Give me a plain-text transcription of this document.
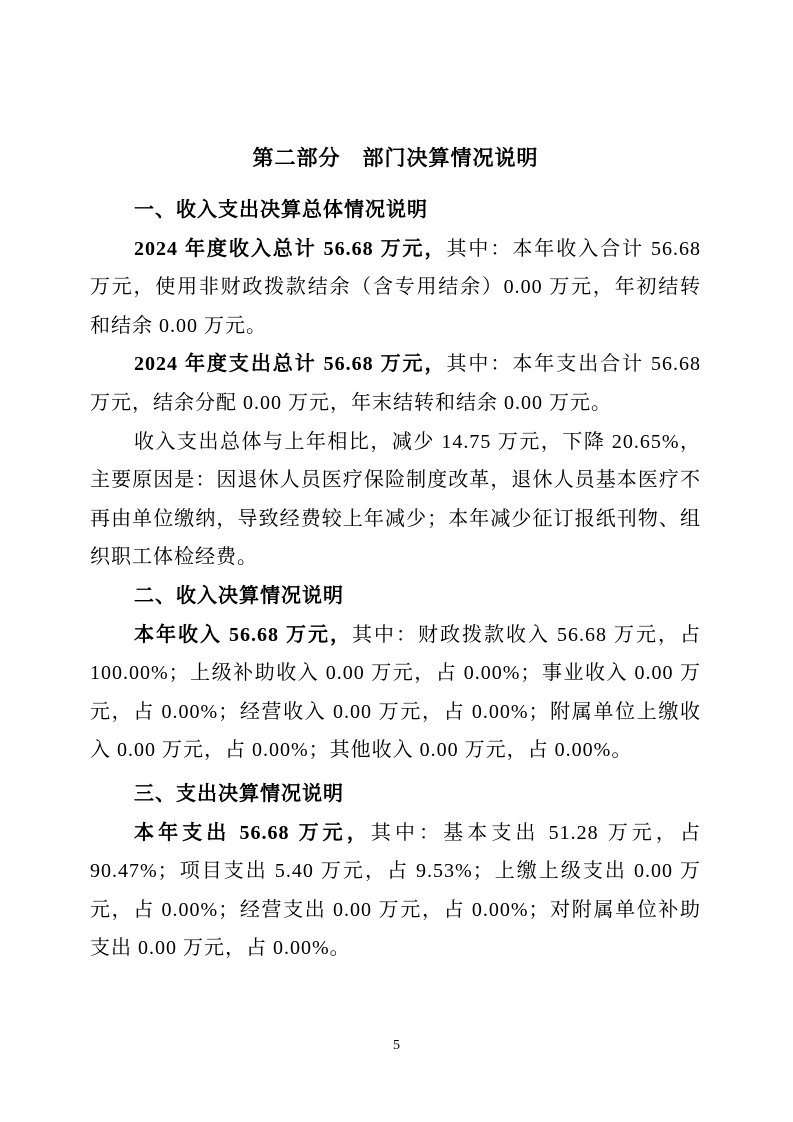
第二部分　部门决算情况说明
一、收入支出决算总体情况说明

2024 年度收入总计 56.68 万元，其中：本年收入合计 56.68 万元，使用非财政拨款结余（含专用结余）0.00 万元，年初结转和结余 0.00 万元。

2024 年度支出总计 56.68 万元，其中：本年支出合计 56.68 万元，结余分配 0.00 万元，年末结转和结余 0.00 万元。

收入支出总体与上年相比，减少 14.75 万元，下降 20.65%，主要原因是：因退休人员医疗保险制度改革，退休人员基本医疗不再由单位缴纳，导致经费较上年减少；本年减少征订报纸刊物、组织职工体检经费。

二、收入决算情况说明

本年收入 56.68 万元，其中：财政拨款收入 56.68 万元，占 100.00%；上级补助收入 0.00 万元，占 0.00%；事业收入 0.00 万元，占 0.00%；经营收入 0.00 万元，占 0.00%；附属单位上缴收入 0.00 万元，占 0.00%；其他收入 0.00 万元，占 0.00%。

三、支出决算情况说明

本年支出 56.68 万元，其中：基本支出 51.28 万元，占 90.47%；项目支出 5.40 万元，占 9.53%；上缴上级支出 0.00 万元，占 0.00%；经营支出 0.00 万元，占 0.00%；对附属单位补助支出 0.00 万元，占 0.00%。

5
